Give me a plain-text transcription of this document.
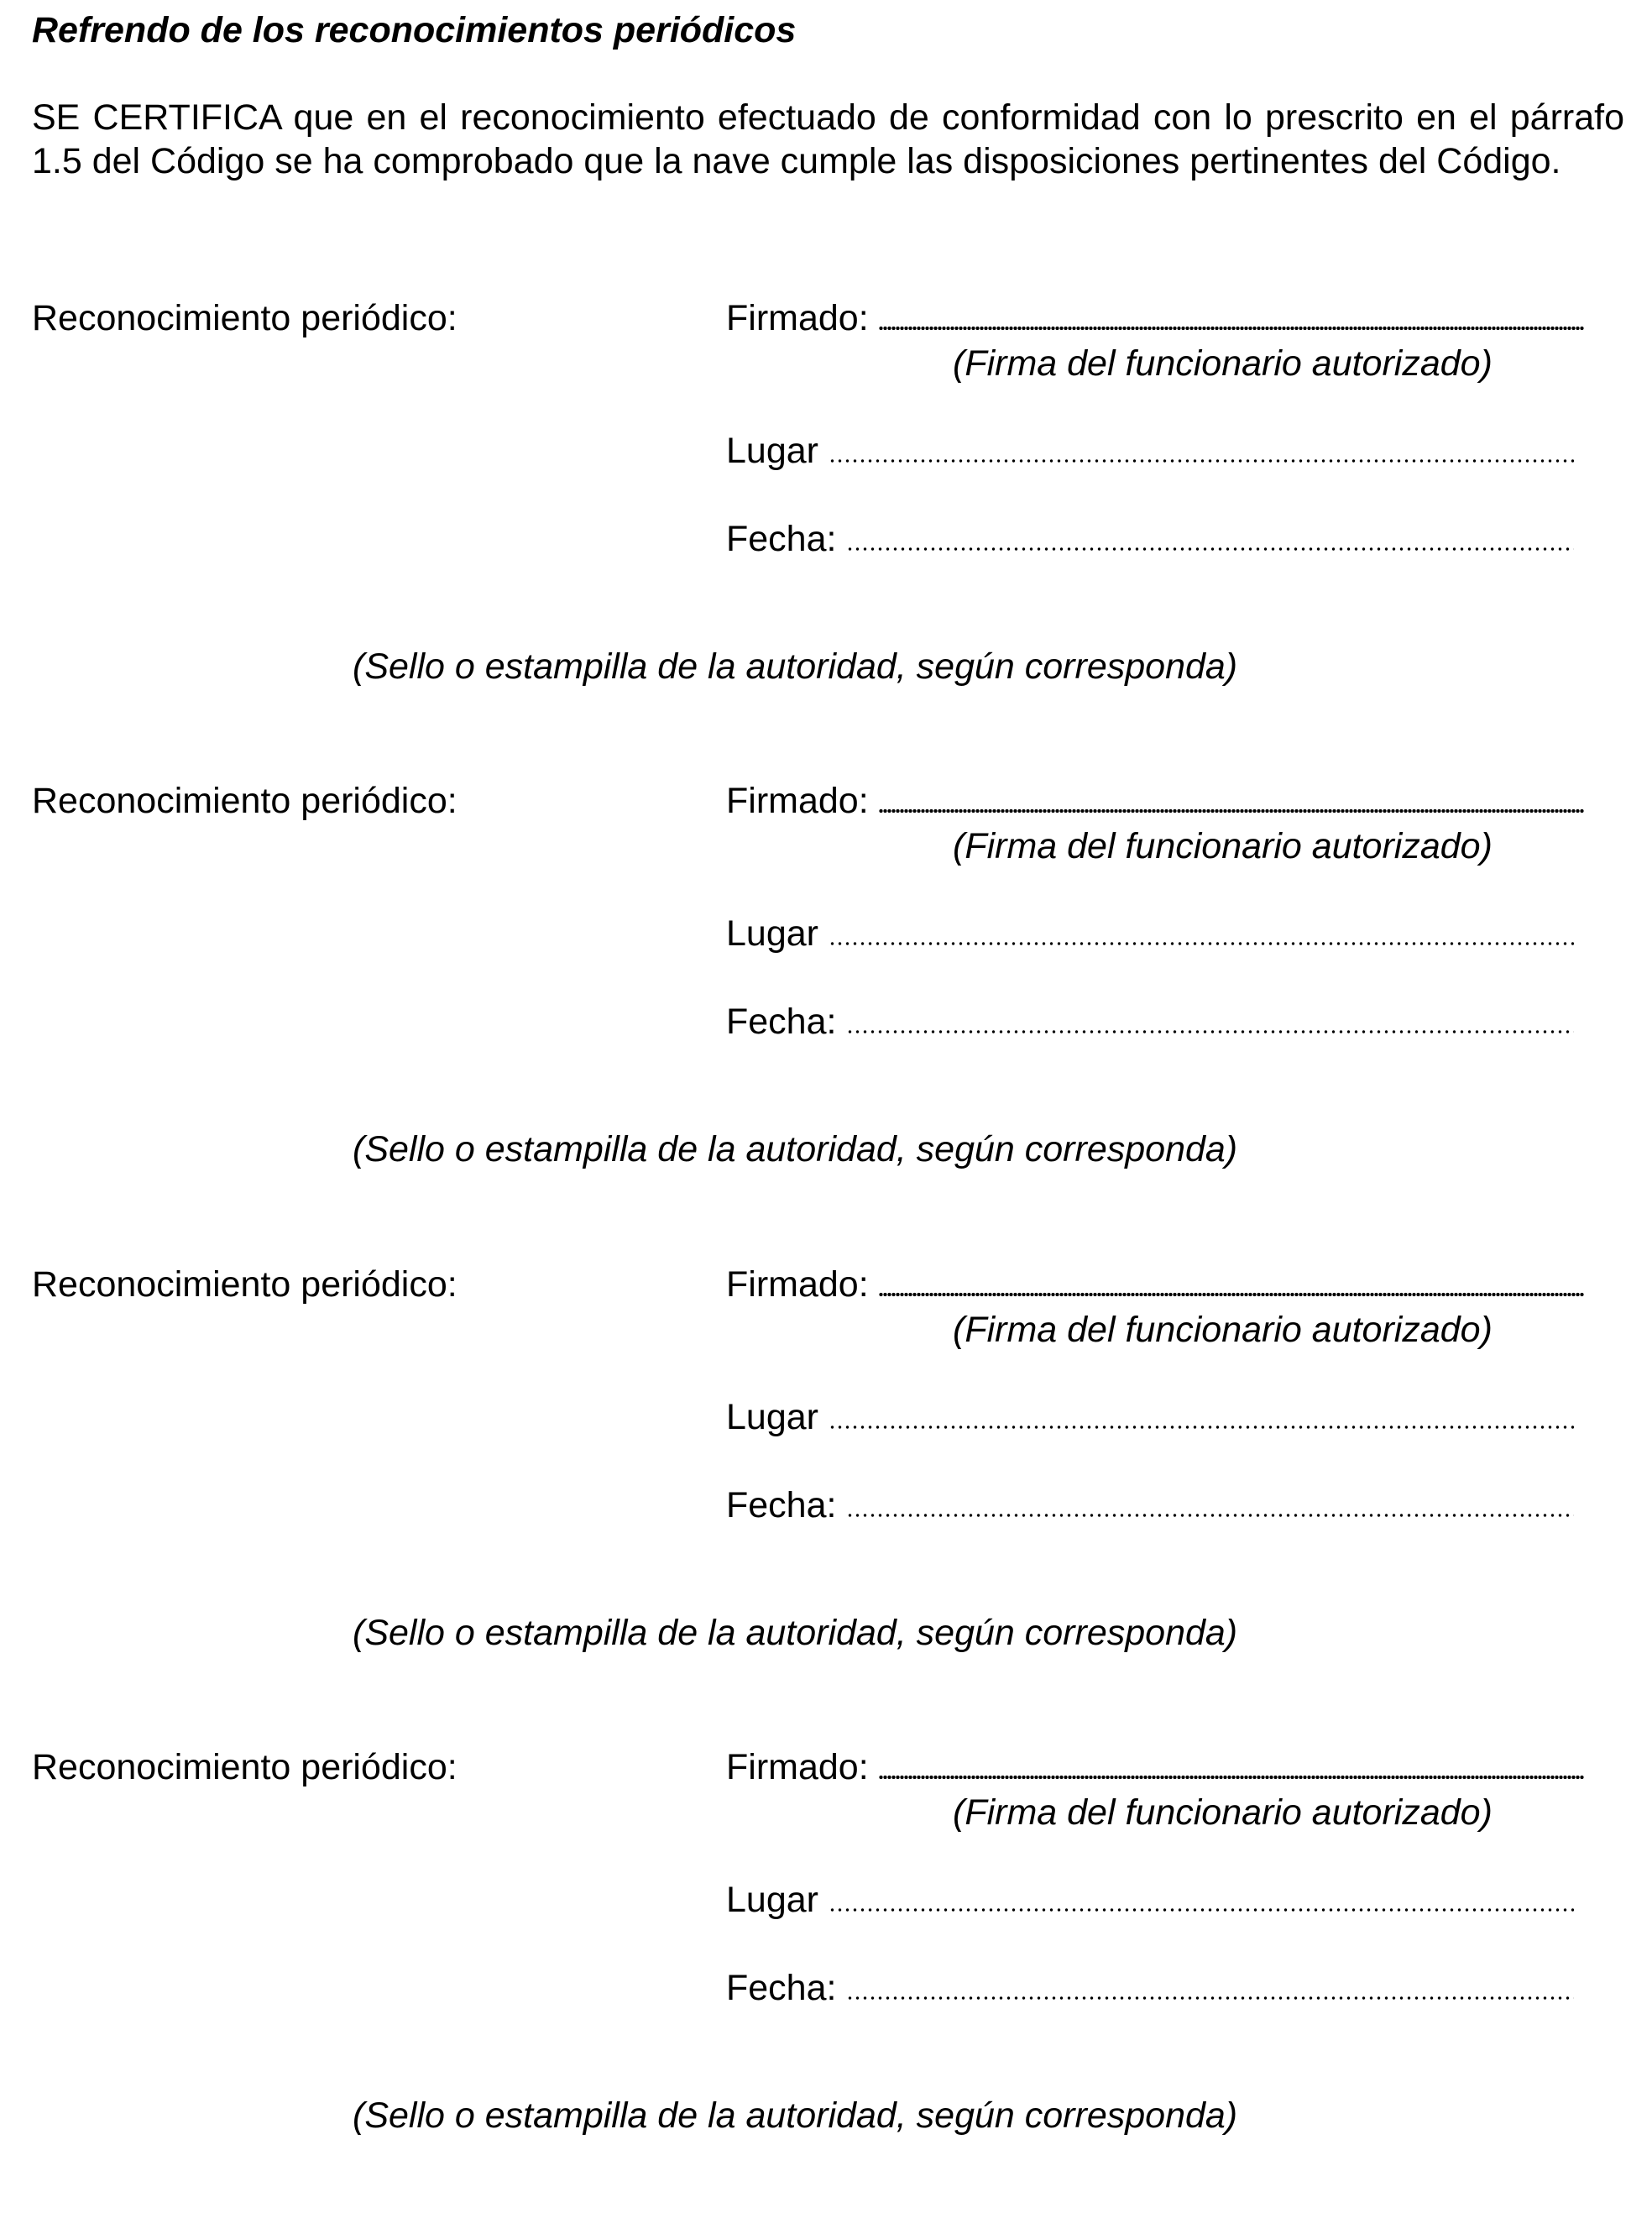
Refrendo de los reconocimientos periódicos
SE CERTIFICA que en el reconocimiento efectuado de conformidad con lo prescrito en el párrafo 1.5 del Código se ha comprobado que la nave cumple las disposiciones pertinentes del Código.
Reconocimiento periódico:	Firmado:
(Firma del funcionario autorizado)
Lugar
Fecha:
(Sello o estampilla de la autoridad, según corresponda)
Reconocimiento periódico:	Firmado:
(Firma del funcionario autorizado)
Lugar
Fecha:
(Sello o estampilla de la autoridad, según corresponda)
Reconocimiento periódico:	Firmado:
(Firma del funcionario autorizado)
Lugar
Fecha:
(Sello o estampilla de la autoridad, según corresponda)
Reconocimiento periódico:	Firmado:
(Firma del funcionario autorizado)
Lugar
Fecha:
(Sello o estampilla de la autoridad, según corresponda)
